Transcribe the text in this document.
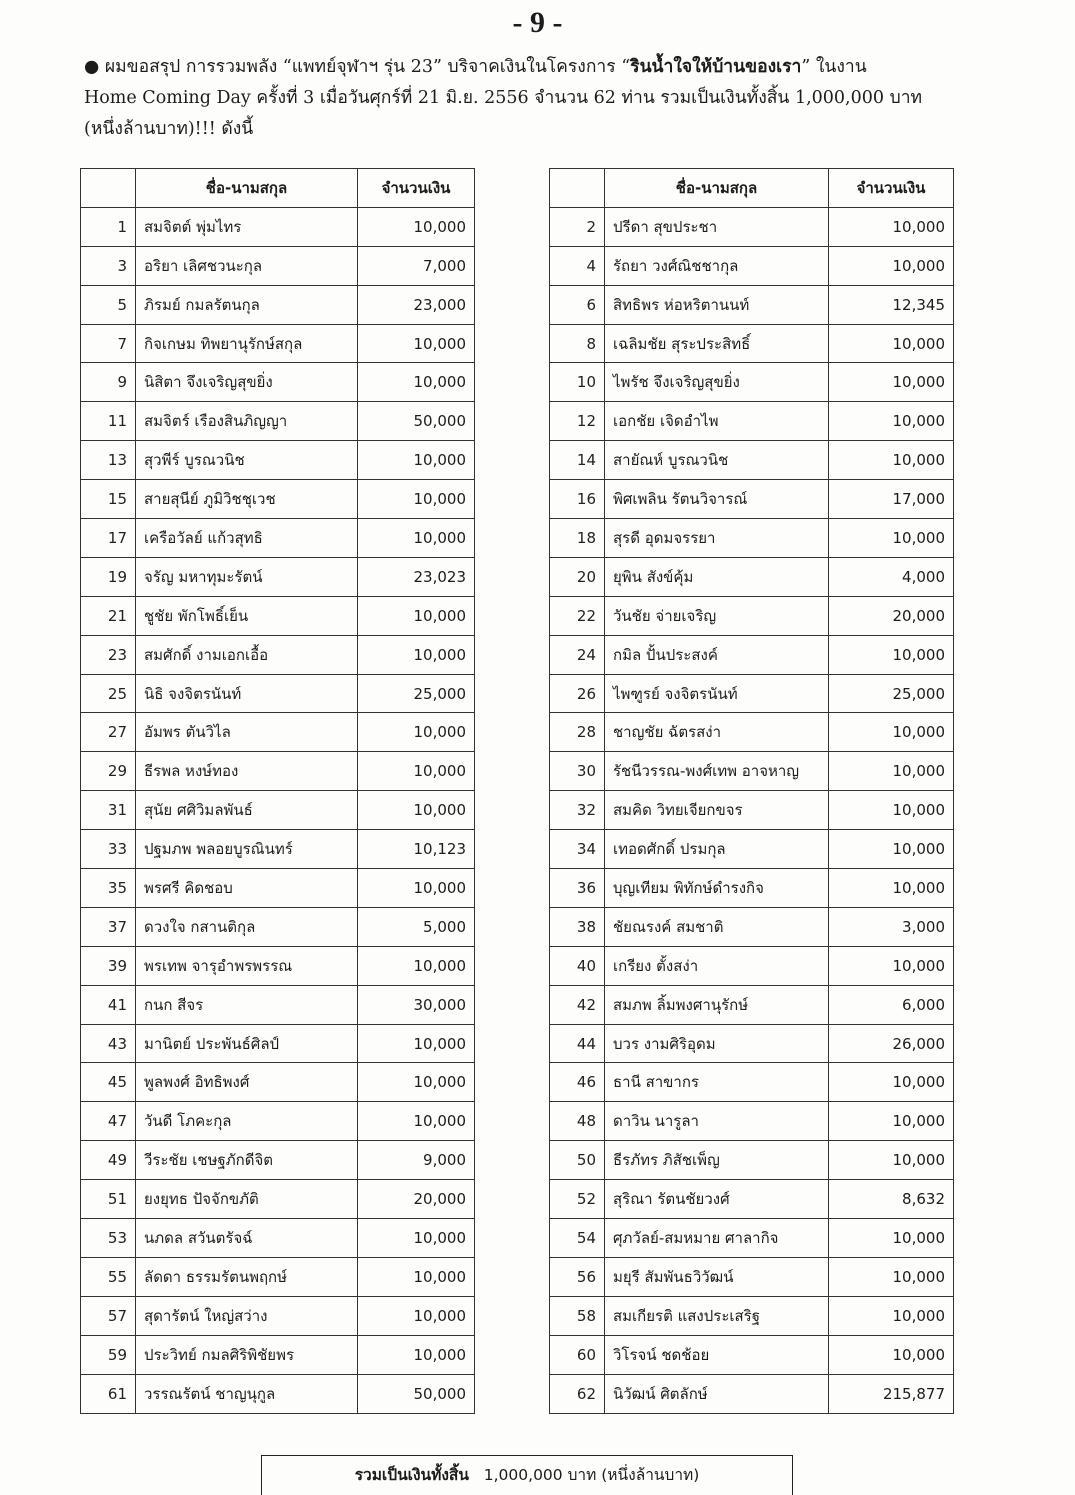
- 9 -
● ผมขอสรุป การรวมพลัง “แพทย์จุฬาฯ รุ่น 23” บริจาคเงินในโครงการ “รินน้ำใจให้บ้านของเรา” ในงาน
Home Coming Day ครั้งที่ 3 เมื่อวันศุกร์ที่ 21 มิ.ย. 2556 จำนวน 62 ท่าน รวมเป็นเงินทั้งสิ้น 1,000,000 บาท
(หนึ่งล้านบาท)!!! ดังนี้
	ชื่อ-นามสกุล	จำนวนเงิน
1	สมจิตต์ พุ่มไทร	10,000
3	อริยา เลิศชวนะกุล	7,000
5	ภิรมย์ กมลรัตนกุล	23,000
7	กิจเกษม ทิพยานุรักษ์สกุล	10,000
9	นิสิตา จึงเจริญสุขยิ่ง	10,000
11	สมจิตร์ เรืองสินภิญญา	50,000
13	สุวพีร์ บูรณวนิช	10,000
15	สายสุนีย์ ภูมิวิชชุเวช	10,000
17	เครือวัลย์ แก้วสุทธิ	10,000
19	จรัญ มหาทุมะรัตน์	23,023
21	ชูชัย พักโพธิ์เย็น	10,000
23	สมศักดิ์ งามเอกเอื้อ	10,000
25	นิธิ จงจิตรนันท์	25,000
27	อัมพร ตันวิไล	10,000
29	ธีรพล หงษ์ทอง	10,000
31	สุนัย ศศิวิมลพันธ์	10,000
33	ปฐมภพ พลอยบูรณินทร์	10,123
35	พรศรี คิดชอบ	10,000
37	ดวงใจ กสานติกุล	5,000
39	พรเทพ จารุอำพรพรรณ	10,000
41	กนก สีจร	30,000
43	มานิตย์ ประพันธ์ศิลป์	10,000
45	พูลพงศ์ อิทธิพงศ์	10,000
47	วันดี โภคะกุล	10,000
49	วีระชัย เชษฐภักดีจิต	9,000
51	ยงยุทธ ปัจจักขภัติ	20,000
53	นภดล สวันตรัจฉ์	10,000
55	ลัดดา ธรรมรัตนพฤกษ์	10,000
57	สุดารัตน์ ใหญ่สว่าง	10,000
59	ประวิทย์ กมลศิริพิชัยพร	10,000
61	วรรณรัตน์ ชาญนุกูล	50,000
	ชื่อ-นามสกุล	จำนวนเงิน
2	ปรีดา สุขประชา	10,000
4	รัถยา วงศ์ณิชชากุล	10,000
6	สิทธิพร ห่อหริตานนท์	12,345
8	เฉลิมชัย สุระประสิทธิ์	10,000
10	ไพรัช จึงเจริญสุขยิ่ง	10,000
12	เอกชัย เจิดอำไพ	10,000
14	สายัณห์ บูรณวนิช	10,000
16	พิศเพลิน รัตนวิจารณ์	17,000
18	สุรดี อุดมจรรยา	10,000
20	ยุพิน สังข์คุ้ม	4,000
22	วันชัย จ่ายเจริญ	20,000
24	กมิล ปั้นประสงค์	10,000
26	ไพฑูรย์ จงจิตรนันท์	25,000
28	ชาญชัย ฉัตรสง่า	10,000
30	รัชนีวรรณ-พงศ์เทพ อาจหาญ	10,000
32	สมคิด วิทยเจียกขจร	10,000
34	เทอดศักดิ์ ปรมกุล	10,000
36	บุญเทียม พิทักษ์ดำรงกิจ	10,000
38	ชัยณรงค์ สมชาติ	3,000
40	เกรียง ตั้งสง่า	10,000
42	สมภพ ลิ้มพงศานุรักษ์	6,000
44	บวร งามศิริอุดม	26,000
46	ธานี สาขากร	10,000
48	ดาวิน นารูลา	10,000
50	ธีรภัทร ภิสัชเพ็ญ	10,000
52	สุริณา รัตนชัยวงศ์	8,632
54	ศุภวัลย์-สมหมาย ศาลากิจ	10,000
56	มยุรี สัมพันธวิวัฒน์	10,000
58	สมเกียรติ แสงประเสริฐ	10,000
60	วิโรจน์ ชดช้อย	10,000
62	นิวัฒน์ ศิตลักษ์	215,877
รวมเป็นเงินทั้งสิ้น 1,000,000 บาท (หนึ่งล้านบาท)
